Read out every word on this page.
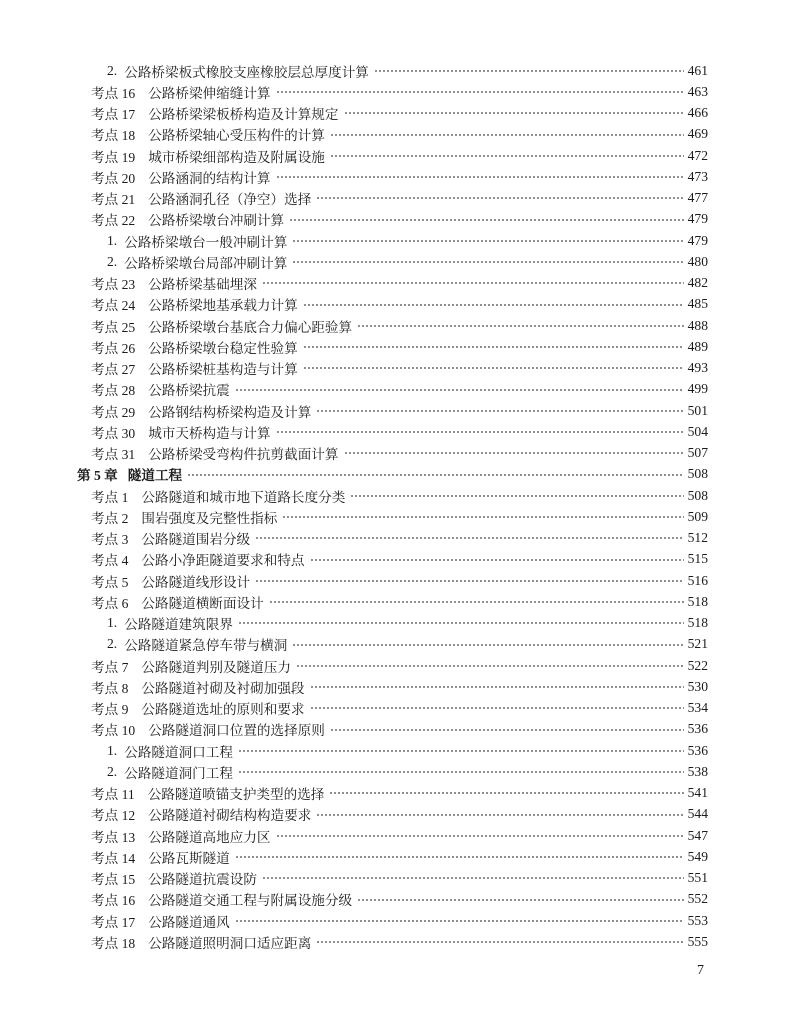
2. 公路桥梁板式橡胶支座橡胶层总厚度计算	461
考点 16 公路桥梁伸缩缝计算	463
考点 17 公路桥梁梁板桥构造及计算规定	466
考点 18 公路桥梁轴心受压构件的计算	469
考点 19 城市桥梁细部构造及附属设施	472
考点 20 公路涵洞的结构计算	473
考点 21 公路涵洞孔径（净空）选择	477
考点 22 公路桥梁墩台冲刷计算	479
1. 公路桥梁墩台一般冲刷计算	479
2. 公路桥梁墩台局部冲刷计算	480
考点 23 公路桥梁基础埋深	482
考点 24 公路桥梁地基承载力计算	485
考点 25 公路桥梁墩台基底合力偏心距验算	488
考点 26 公路桥梁墩台稳定性验算	489
考点 27 公路桥梁桩基构造与计算	493
考点 28 公路桥梁抗震	499
考点 29 公路钢结构桥梁构造及计算	501
考点 30 城市天桥构造与计算	504
考点 31 公路桥梁受弯构件抗剪截面计算	507
第 5 章 隧道工程	508
考点 1 公路隧道和城市地下道路长度分类	508
考点 2 围岩强度及完整性指标	509
考点 3 公路隧道围岩分级	512
考点 4 公路小净距隧道要求和特点	515
考点 5 公路隧道线形设计	516
考点 6 公路隧道横断面设计	518
1. 公路隧道建筑限界	518
2. 公路隧道紧急停车带与横洞	521
考点 7 公路隧道判别及隧道压力	522
考点 8 公路隧道衬砌及衬砌加强段	530
考点 9 公路隧道选址的原则和要求	534
考点 10 公路隧道洞口位置的选择原则	536
1. 公路隧道洞口工程	536
2. 公路隧道洞门工程	538
考点 11 公路隧道喷锚支护类型的选择	541
考点 12 公路隧道衬砌结构构造要求	544
考点 13 公路隧道高地应力区	547
考点 14 公路瓦斯隧道	549
考点 15 公路隧道抗震设防	551
考点 16 公路隧道交通工程与附属设施分级	552
考点 17 公路隧道通风	553
考点 18 公路隧道照明洞口适应距离	555
7
